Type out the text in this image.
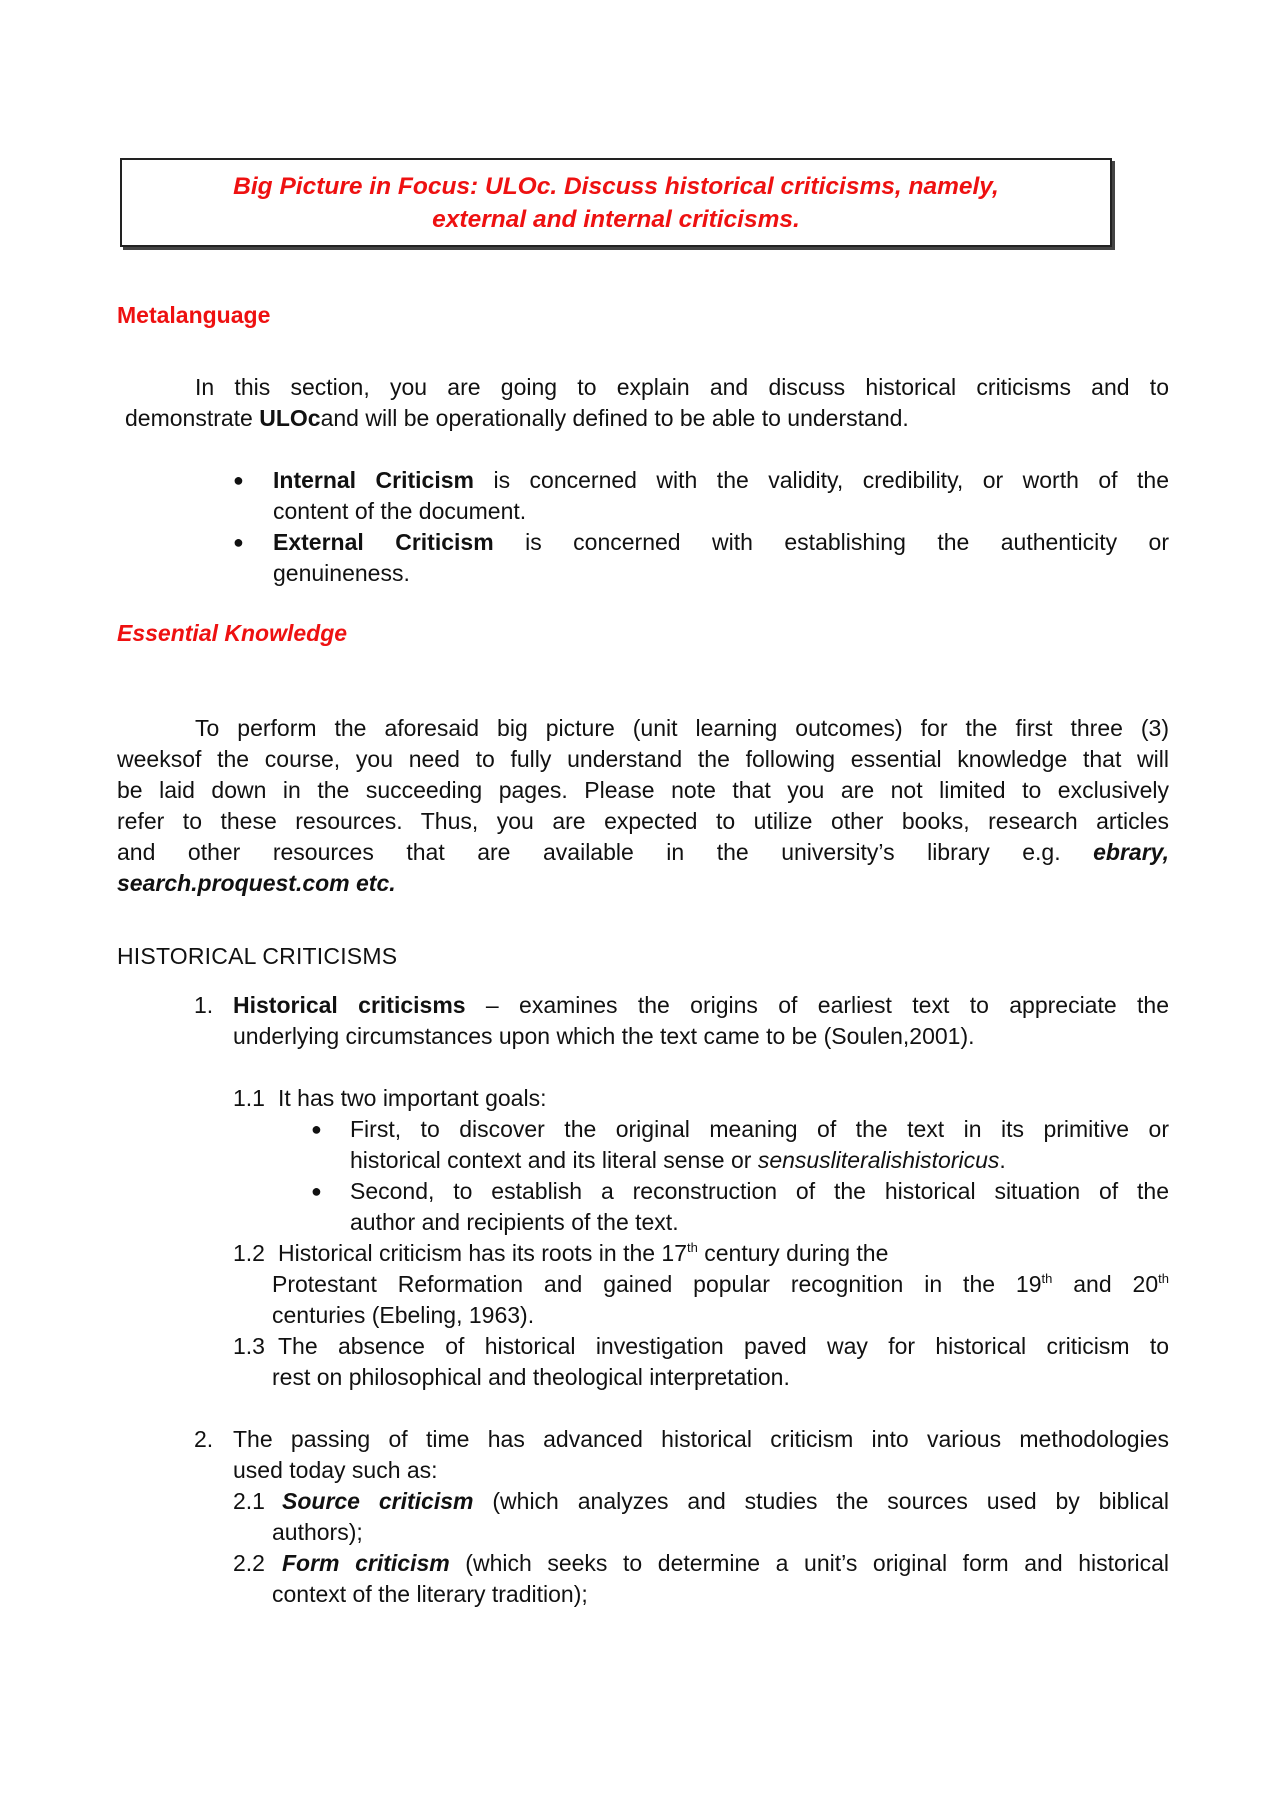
Big Picture in Focus: ULOc. Discuss historical criticisms, namely,
external and internal criticisms.
Metalanguage
In this section, you are going to explain and discuss historical criticisms and to
demonstrate ULOcand will be operationally defined to be able to understand.
● Internal Criticism is concerned with the validity, credibility, or worth of the
content of the document.
● External Criticism is concerned with establishing the authenticity or
genuineness.
Essential Knowledge
To perform the aforesaid big picture (unit learning outcomes) for the first three (3)
weeksof the course, you need to fully understand the following essential knowledge that will
be laid down in the succeeding pages. Please note that you are not limited to exclusively
refer to these resources. Thus, you are expected to utilize other books, research articles
and other resources that are available in the university’s library e.g. ebrary,
search.proquest.com etc.
HISTORICAL CRITICISMS
1. Historical criticisms – examines the origins of earliest text to appreciate the
underlying circumstances upon which the text came to be (Soulen,2001).
1.1 It has two important goals:
● First, to discover the original meaning of the text in its primitive or
historical context and its literal sense or sensusliteralishistoricus.
● Second, to establish a reconstruction of the historical situation of the
author and recipients of the text.
1.2 Historical criticism has its roots in the 17th century during the
Protestant Reformation and gained popular recognition in the 19th and 20th
centuries (Ebeling, 1963).
1.3 The absence of historical investigation paved way for historical criticism to
rest on philosophical and theological interpretation.
2. The passing of time has advanced historical criticism into various methodologies
used today such as:
2.1 Source criticism (which analyzes and studies the sources used by biblical
authors);
2.2 Form criticism (which seeks to determine a unit’s original form and historical
context of the literary tradition);
